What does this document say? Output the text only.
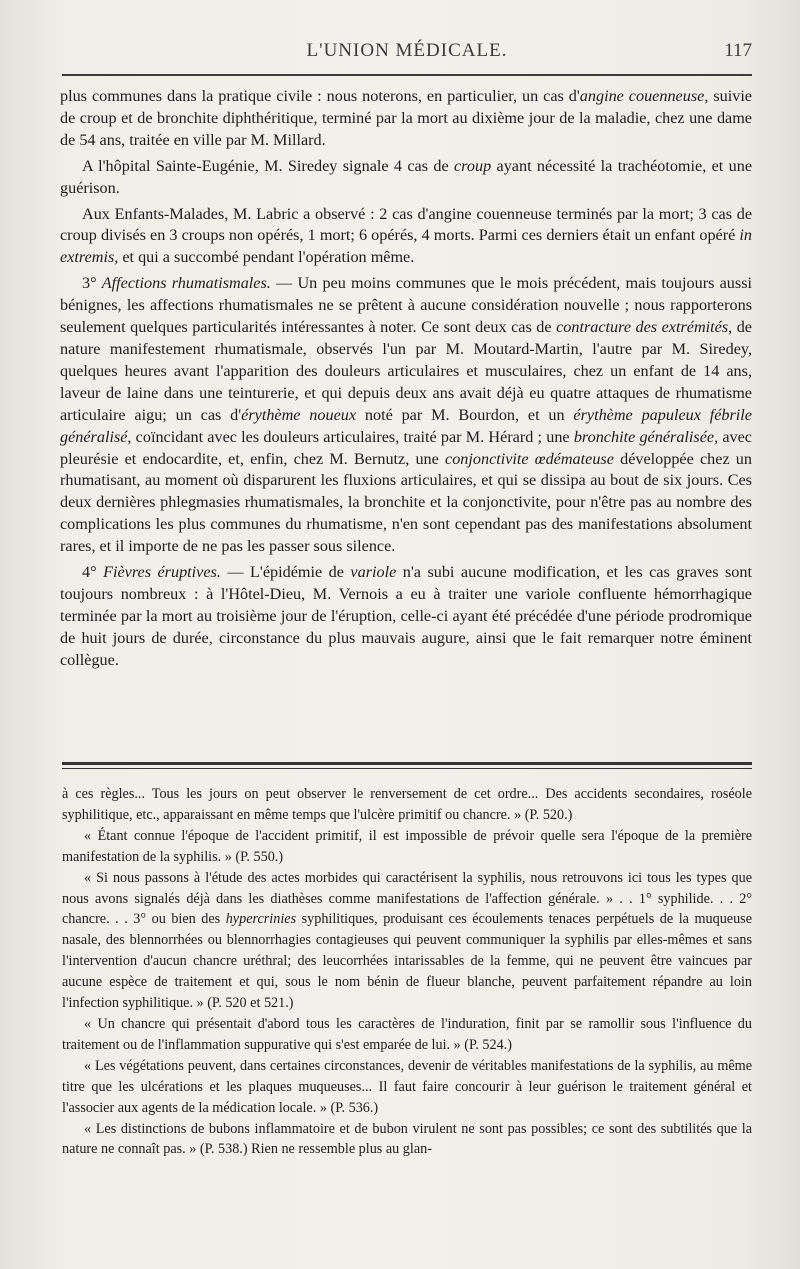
L'UNION MÉDICALE.	117

plus communes dans la pratique civile : nous noterons, en particulier, un cas d'angine couenneuse, suivie de croup et de bronchite diphthéritique, terminé par la mort au dixième jour de la maladie, chez une dame de 54 ans, traitée en ville par M. Millard.

A l'hôpital Sainte-Eugénie, M. Siredey signale 4 cas de croup ayant nécessité la trachéotomie, et une guérison.

Aux Enfants-Malades, M. Labric a observé : 2 cas d'angine couenneuse terminés par la mort; 3 cas de croup divisés en 3 croups non opérés, 1 mort; 6 opérés, 4 morts. Parmi ces derniers était un enfant opéré in extremis, et qui a succombé pendant l'opération même.

3° Affections rhumatismales. — Un peu moins communes que le mois précédent, mais toujours aussi bénignes, les affections rhumatismales ne se prêtent à aucune considération nouvelle ; nous rapporterons seulement quelques particularités intéressantes à noter. Ce sont deux cas de contracture des extrémités, de nature manifestement rhumatismale, observés l'un par M. Moutard-Martin, l'autre par M. Siredey, quelques heures avant l'apparition des douleurs articulaires et musculaires, chez un enfant de 14 ans, laveur de laine dans une teinturerie, et qui depuis deux ans avait déjà eu quatre attaques de rhumatisme articulaire aigu; un cas d'érythème noueux noté par M. Bourdon, et un érythème papuleux fébrile généralisé, coïncidant avec les douleurs articulaires, traité par M. Hérard ; une bronchite généralisée, avec pleurésie et endocardite, et, enfin, chez M. Bernutz, une conjonctivite œdémateuse développée chez un rhumatisant, au moment où disparurent les fluxions articulaires, et qui se dissipa au bout de six jours. Ces deux dernières phlegmasies rhumatismales, la bronchite et la conjonctivite, pour n'être pas au nombre des complications les plus communes du rhumatisme, n'en sont cependant pas des manifestations absolument rares, et il importe de ne pas les passer sous silence.

4° Fièvres éruptives. — L'épidémie de variole n'a subi aucune modification, et les cas graves sont toujours nombreux : à l'Hôtel-Dieu, M. Vernois a eu à traiter une variole confluente hémorrhagique terminée par la mort au troisième jour de l'éruption, celle-ci ayant été précédée d'une période prodromique de huit jours de durée, circonstance du plus mauvais augure, ainsi que le fait remarquer notre éminent collègue.

à ces règles... Tous les jours on peut observer le renversement de cet ordre... Des accidents secondaires, roséole syphilitique, etc., apparaissant en même temps que l'ulcère primitif ou chancre. » (P. 520.)

« Étant connue l'époque de l'accident primitif, il est impossible de prévoir quelle sera l'époque de la première manifestation de la syphilis. » (P. 550.)

« Si nous passons à l'étude des actes morbides qui caractérisent la syphilis, nous retrouvons ici tous les types que nous avons signalés déjà dans les diathèses comme manifestations de l'affection générale. » . . 1° syphilide. . . 2° chancre. . . 3° ou bien des hypercrinies syphilitiques, produisant ces écoulements tenaces perpétuels de la muqueuse nasale, des blennorrhées ou blennorrhagies contagieuses qui peuvent communiquer la syphilis par elles-mêmes et sans l'intervention d'aucun chancre uréthral; des leucorrhées intarissables de la femme, qui ne peuvent être vaincues par aucune espèce de traitement et qui, sous le nom bénin de flueur blanche, peuvent parfaitement répandre au loin l'infection syphilitique. » (P. 520 et 521.)

« Un chancre qui présentait d'abord tous les caractères de l'induration, finit par se ramollir sous l'influence du traitement ou de l'inflammation suppurative qui s'est emparée de lui. » (P. 524.)

« Les végétations peuvent, dans certaines circonstances, devenir de véritables manifestations de la syphilis, au même titre que les ulcérations et les plaques muqueuses... Il faut faire concourir à leur guérison le traitement général et l'associer aux agents de la médication locale. » (P. 536.)

« Les distinctions de bubons inflammatoire et de bubon virulent ne sont pas possibles; ce sont des subtilités que la nature ne connaît pas. » (P. 538.) Rien ne ressemble plus au glan-
